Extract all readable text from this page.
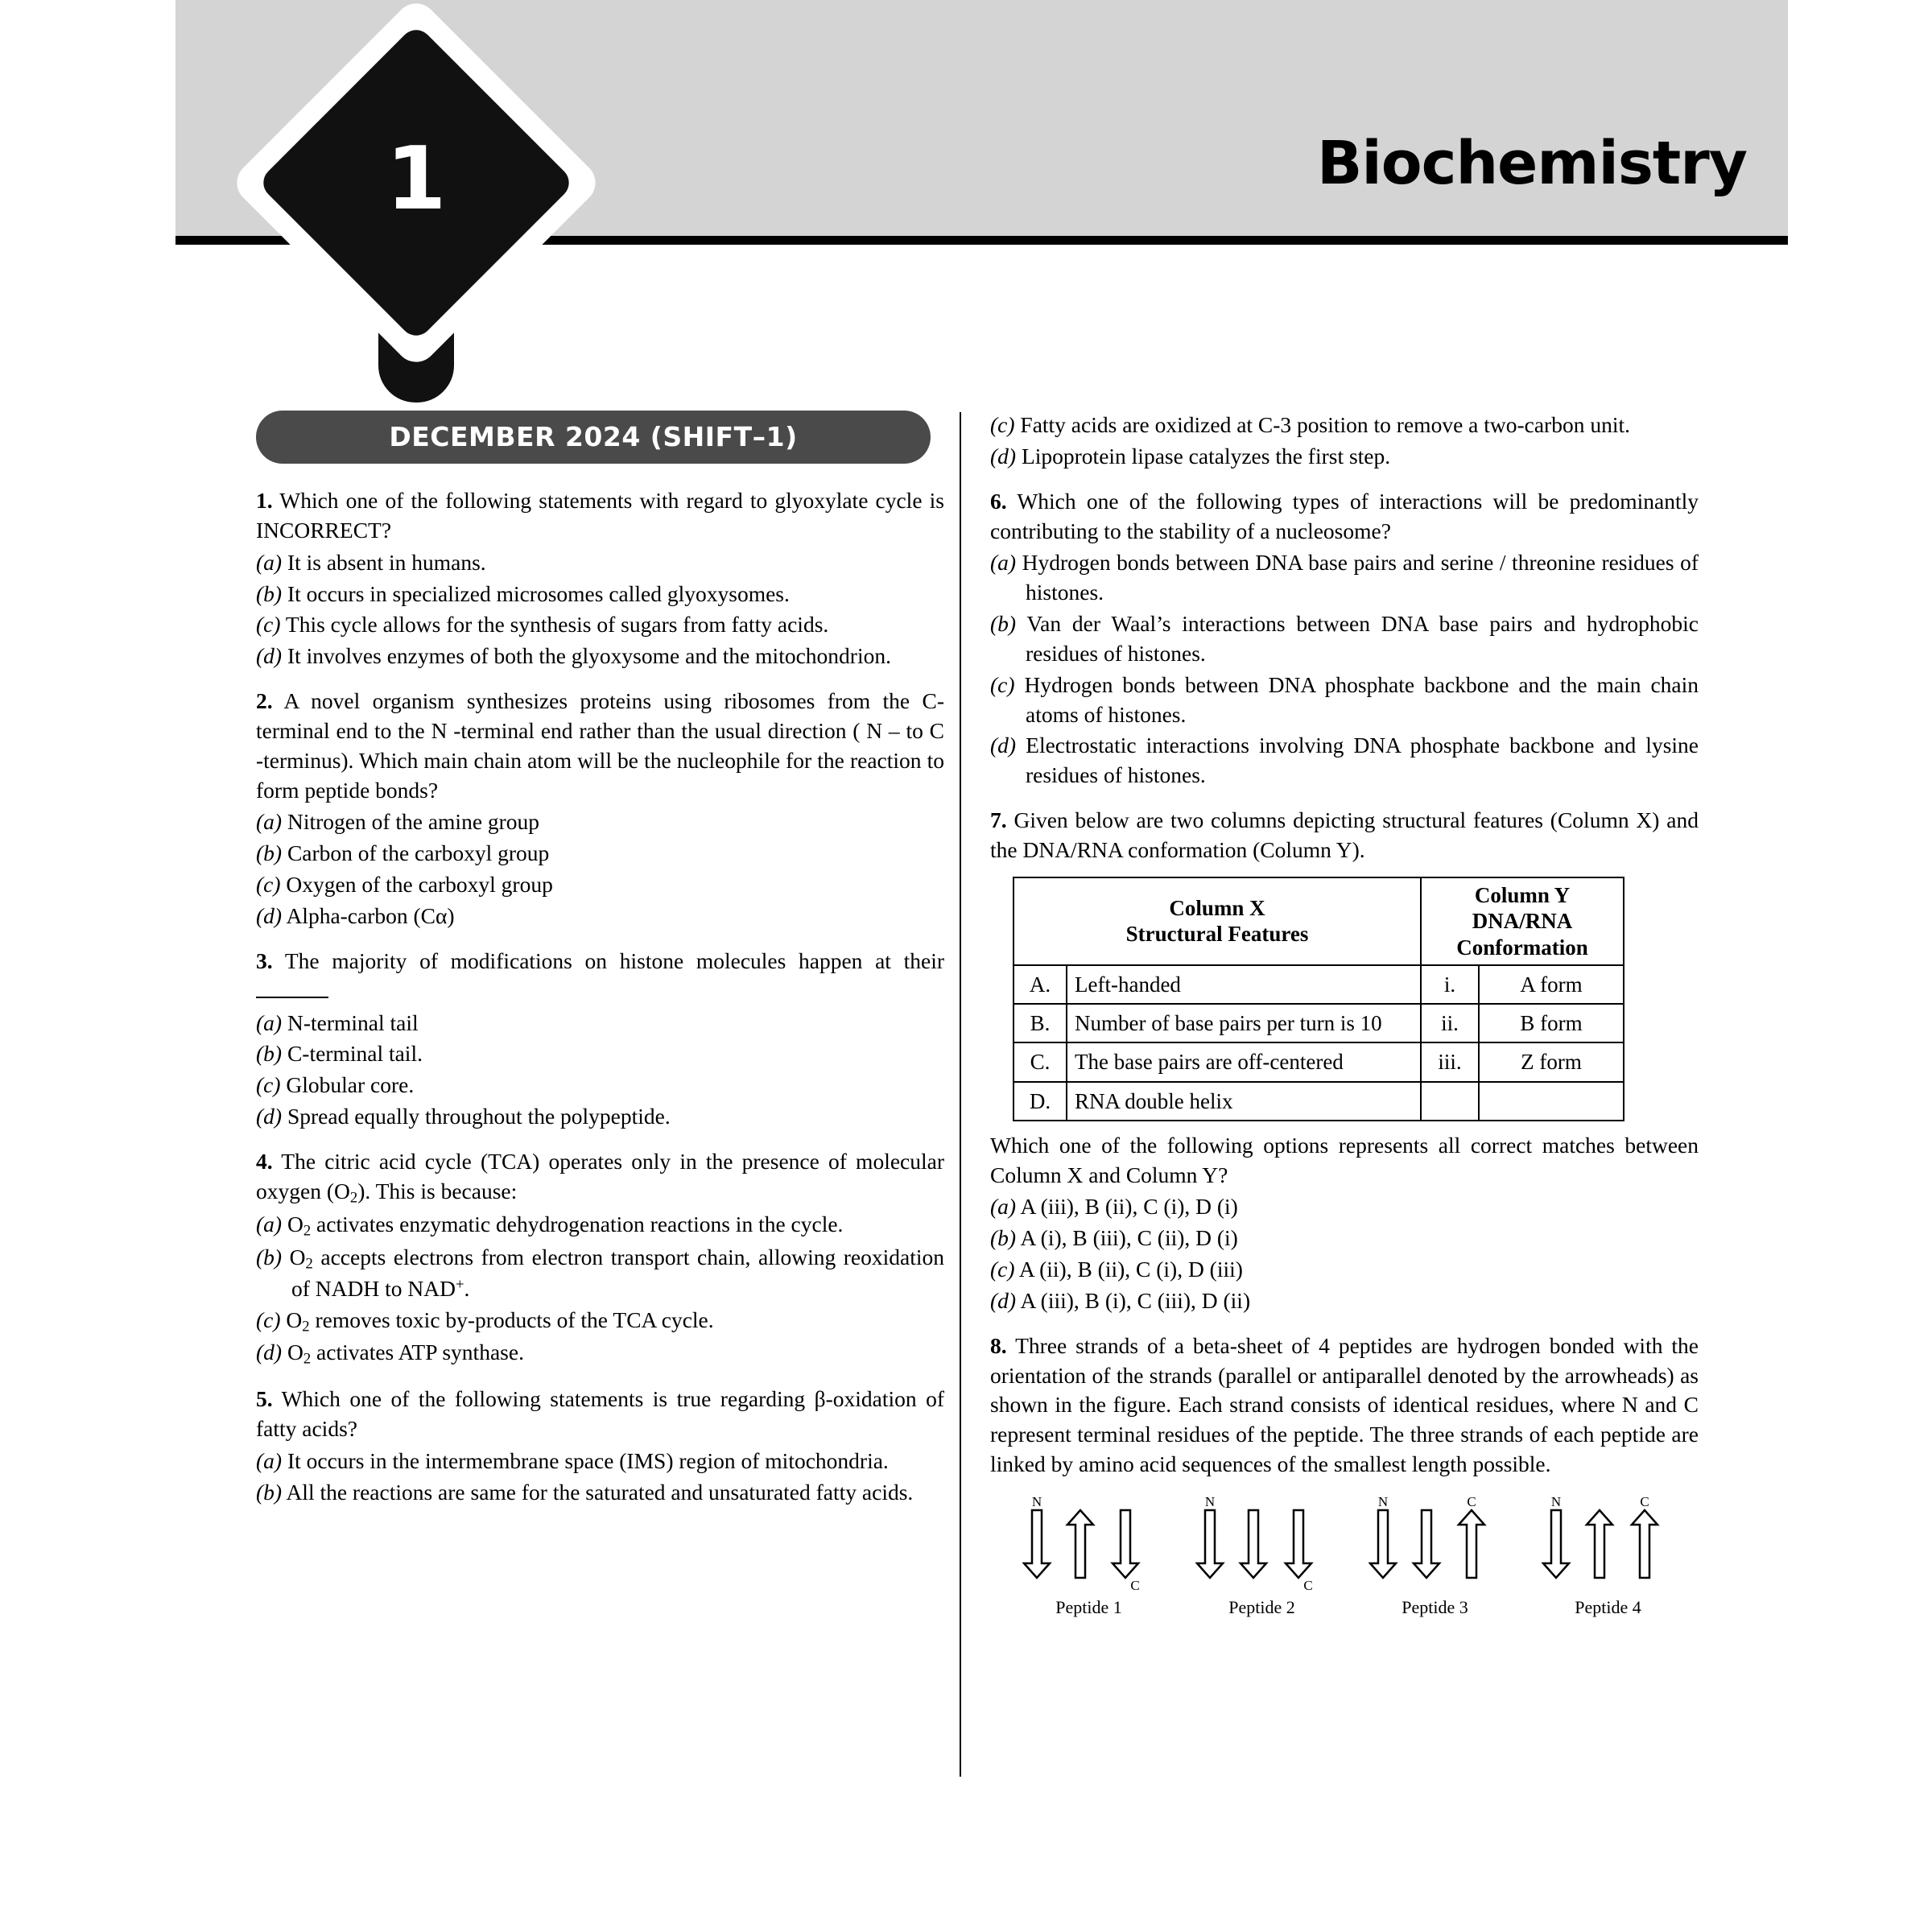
Biochemistry
1
DECEMBER 2024 (SHIFT–1)

1. Which one of the following statements with regard to glyoxylate cycle is INCORRECT?

(a) It is absent in humans.

(b) It occurs in specialized microsomes called glyoxysomes.

(c) This cycle allows for the synthesis of sugars from fatty acids.

(d) It involves enzymes of both the glyoxysome and the mitochondrion.

2. A novel organism synthesizes proteins using ribosomes from the C-terminal end to the N -terminal end rather than the usual direction ( N – to C -terminus). Which main chain atom will be the nucleophile for the reaction to form peptide bonds?

(a) Nitrogen of the amine group

(b) Carbon of the carboxyl group

(c) Oxygen of the carboxyl group

(d) Alpha-carbon (Cα)

3. The majority of modifications on histone molecules happen at their

(a) N-terminal tail

(b) C-terminal tail.

(c) Globular core.

(d) Spread equally throughout the polypeptide.

4. The citric acid cycle (TCA) operates only in the presence of molecular oxygen $(O_2)$. This is because:

(a) $O_2$ activates enzymatic dehydrogenation reactions in the cycle.

(b) $O_2$ accepts electrons from electron transport chain, allowing reoxidation of NADH to NAD+.

(c) $O_2$ removes toxic by-products of the TCA cycle.

(d) $O_2$ activates ATP synthase.

5. Which one of the following statements is true regarding β-oxidation of fatty acids?

(a) It occurs in the intermembrane space (IMS) region of mitochondria.

(b) All the reactions are same for the saturated and unsaturated fatty acids.

(c) Fatty acids are oxidized at C-3 position to remove a two-carbon unit.

(d) Lipoprotein lipase catalyzes the first step.

6. Which one of the following types of interactions will be predominantly contributing to the stability of a nucleosome?

(a) Hydrogen bonds between DNA base pairs and serine / threonine residues of histones.

(b) Van der Waal’s interactions between DNA base pairs and hydrophobic residues of histones.

(c) Hydrogen bonds between DNA phosphate backbone and the main chain atoms of histones.

(d) Electrostatic interactions involving DNA phosphate backbone and lysine residues of histones.

7. Given below are two columns depicting structural features (Column X) and the DNA/RNA conformation (Column Y).

Column X
Structural Features		Column Y
DNA/RNA
Conformation	
A.	Left-handed	i.	A form
B.	Number of base pairs per turn is 10	ii.	B form
C.	The base pairs are off-centered	iii.	Z form
D.	RNA double helix		

Which one of the following options represents all correct matches between Column X and Column Y?

(a) A (iii), B (ii), C (i), D (i)

(b) A (i), B (iii), C (ii), D (i)

(c) A (ii), B (ii), C (i), D (iii)

(d) A (iii), B (i), C (iii), D (ii)

8. Three strands of a beta-sheet of 4 peptides are hydrogen bonded with the orientation of the strands (parallel or antiparallel denoted by the arrowheads) as shown in the figure. Each strand consists of identical residues, where N and C represent terminal residues of the peptide. The three strands of each peptide are linked by amino acid sequences of the smallest length possible.

N
C
Peptide 1
N
C
Peptide 2
N	C
Peptide 3
N	C
Peptide 4
